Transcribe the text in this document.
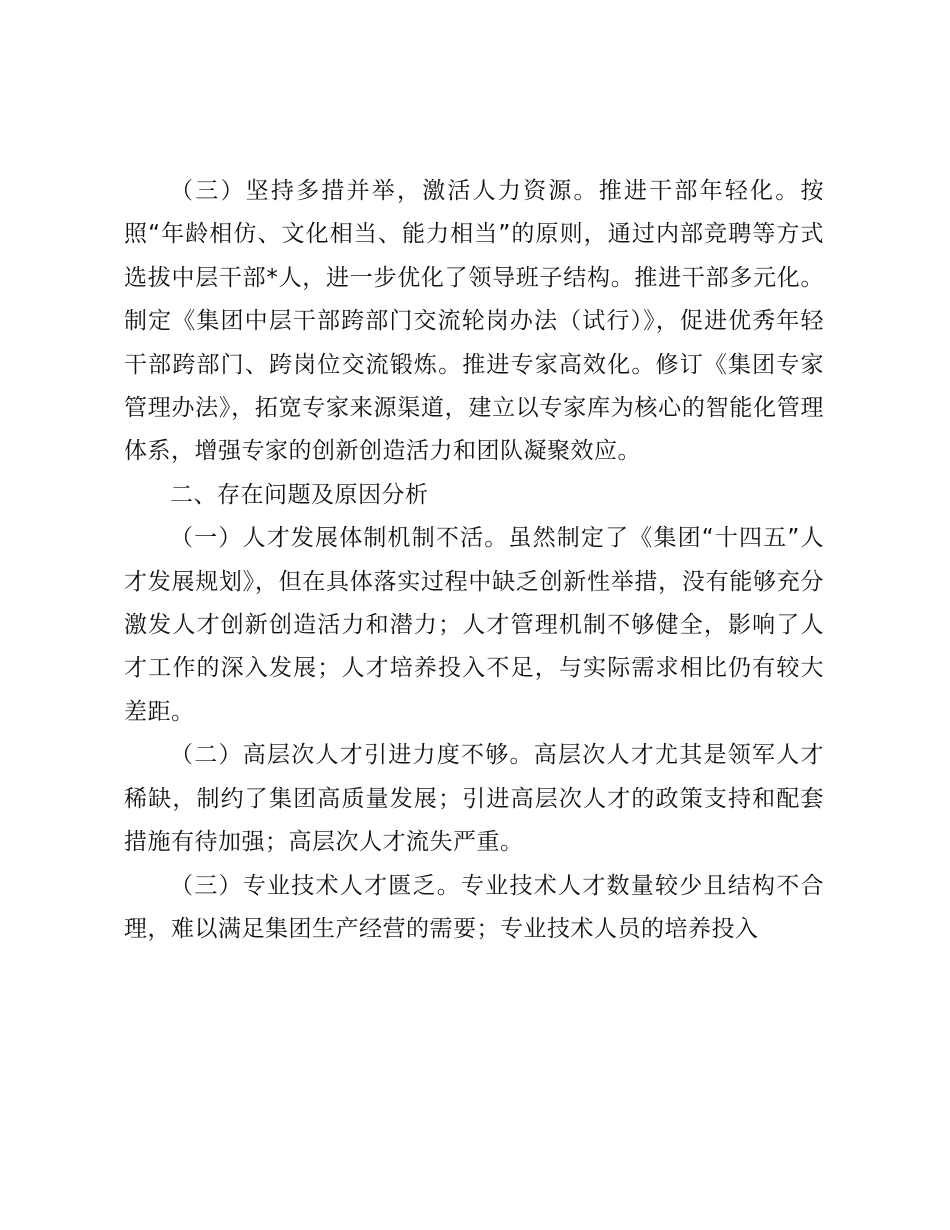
（三）坚持多措并举，激活人力资源。推进干部年轻化。按照“年龄相仿、文化相当、能力相当”的原则，通过内部竞聘等方式选拔中层干部*人，进一步优化了领导班子结构。推进干部多元化。制定《集团中层干部跨部门交流轮岗办法（试行）》，促进优秀年轻干部跨部门、跨岗位交流锻炼。推进专家高效化。修订《集团专家管理办法》，拓宽专家来源渠道，建立以专家库为核心的智能化管理体系，增强专家的创新创造活力和团队凝聚效应。

二、存在问题及原因分析

（一）人才发展体制机制不活。虽然制定了《集团“十四五”人才发展规划》，但在具体落实过程中缺乏创新性举措，没有能够充分激发人才创新创造活力和潜力；人才管理机制不够健全，影响了人才工作的深入发展；人才培养投入不足，与实际需求相比仍有较大差距。

（二）高层次人才引进力度不够。高层次人才尤其是领军人才稀缺，制约了集团高质量发展；引进高层次人才的政策支持和配套措施有待加强；高层次人才流失严重。

（三）专业技术人才匮乏。专业技术人才数量较少且结构不合理，难以满足集团生产经营的需要；专业技术人员的培养投入
